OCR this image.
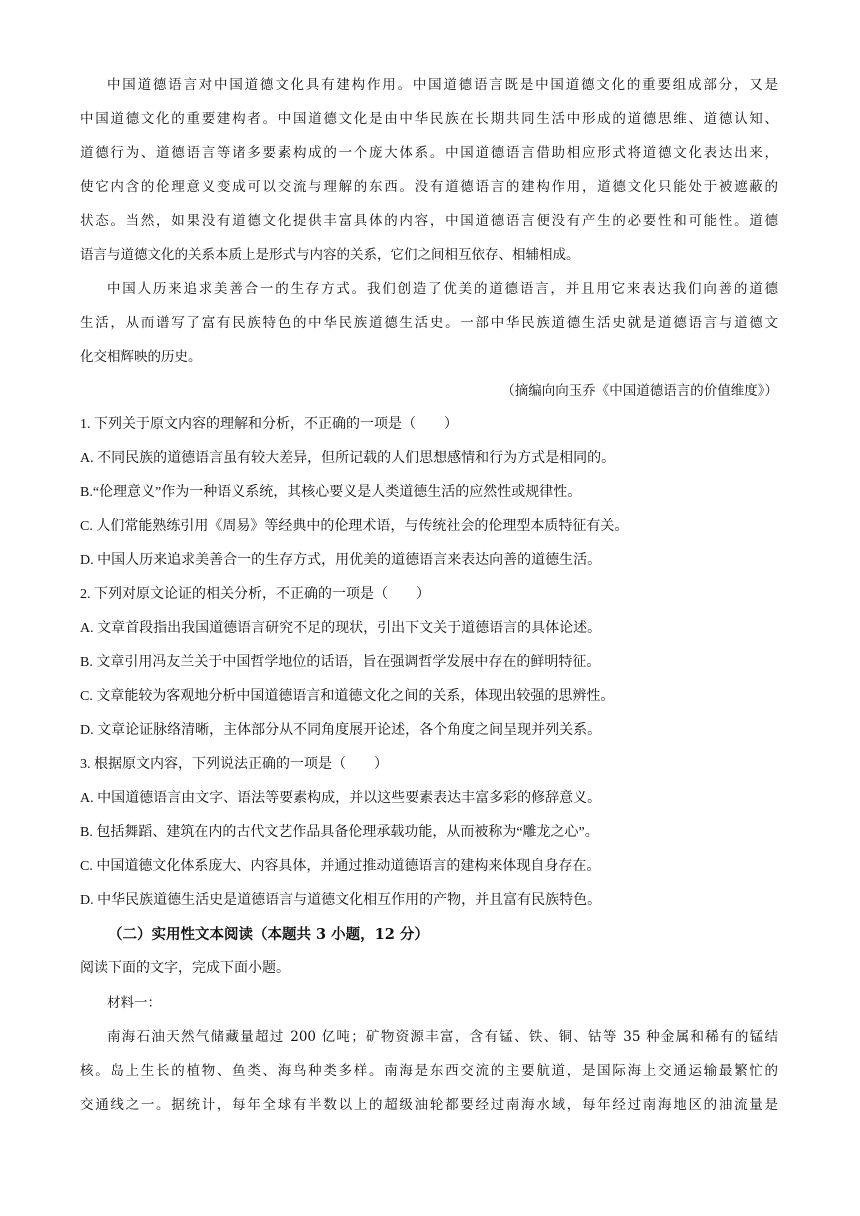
中国道德语言对中国道德文化具有建构作用。中国道德语言既是中国道德文化的重要组成部分，又是
中国道德文化的重要建构者。中国道德文化是由中华民族在长期共同生活中形成的道德思维、道德认知、
道德行为、道德语言等诸多要素构成的一个庞大体系。中国道德语言借助相应形式将道德文化表达出来，
使它内含的伦理意义变成可以交流与理解的东西。没有道德语言的建构作用，道德文化只能处于被遮蔽的
状态。当然，如果没有道德文化提供丰富具体的内容，中国道德语言便没有产生的必要性和可能性。道德
语言与道德文化的关系本质上是形式与内容的关系，它们之间相互依存、相辅相成。
中国人历来追求美善合一的生存方式。我们创造了优美的道德语言，并且用它来表达我们向善的道德
生活，从而谱写了富有民族特色的中华民族道德生活史。一部中华民族道德生活史就是道德语言与道德文
化交相辉映的历史。
（摘编向向玉乔《中国道德语言的价值维度》）
1. 下列关于原文内容的理解和分析，不正确的一项是（　　）
A. 不同民族的道德语言虽有较大差异，但所记载的人们思想感情和行为方式是相同的。
B.“伦理意义”作为一种语义系统，其核心要义是人类道德生活的应然性或规律性。
C. 人们常能熟练引用《周易》等经典中的伦理术语，与传统社会的伦理型本质特征有关。
D. 中国人历来追求美善合一的生存方式，用优美的道德语言来表达向善的道德生活。
2. 下列对原文论证的相关分析，不正确的一项是（　　）
A. 文章首段指出我国道德语言研究不足的现状，引出下文关于道德语言的具体论述。
B. 文章引用冯友兰关于中国哲学地位的话语，旨在强调哲学发展中存在的鲜明特征。
C. 文章能较为客观地分析中国道德语言和道德文化之间的关系，体现出较强的思辨性。
D. 文章论证脉络清晰，主体部分从不同角度展开论述，各个角度之间呈现并列关系。
3. 根据原文内容，下列说法正确的一项是（　　）
A. 中国道德语言由文字、语法等要素构成，并以这些要素表达丰富多彩的修辞意义。
B. 包括舞蹈、建筑在内的古代文艺作品具备伦理承载功能，从而被称为“雕龙之心”。
C. 中国道德文化体系庞大、内容具体，并通过推动道德语言的建构来体现自身存在。
D. 中华民族道德生活史是道德语言与道德文化相互作用的产物，并且富有民族特色。
（二）实用性文本阅读（本题共 3 小题，12 分）
阅读下面的文字，完成下面小题。
材料一：
南海石油天然气储藏量超过 200 亿吨；矿物资源丰富，含有锰、铁、铜、钴等 35 种金属和稀有的锰结
核。岛上生长的植物、鱼类、海鸟种类多样。南海是东西交流的主要航道，是国际海上交通运输最繁忙的
交通线之一。据统计，每年全球有半数以上的超级油轮都要经过南海水域，每年经过南海地区的油流量是
